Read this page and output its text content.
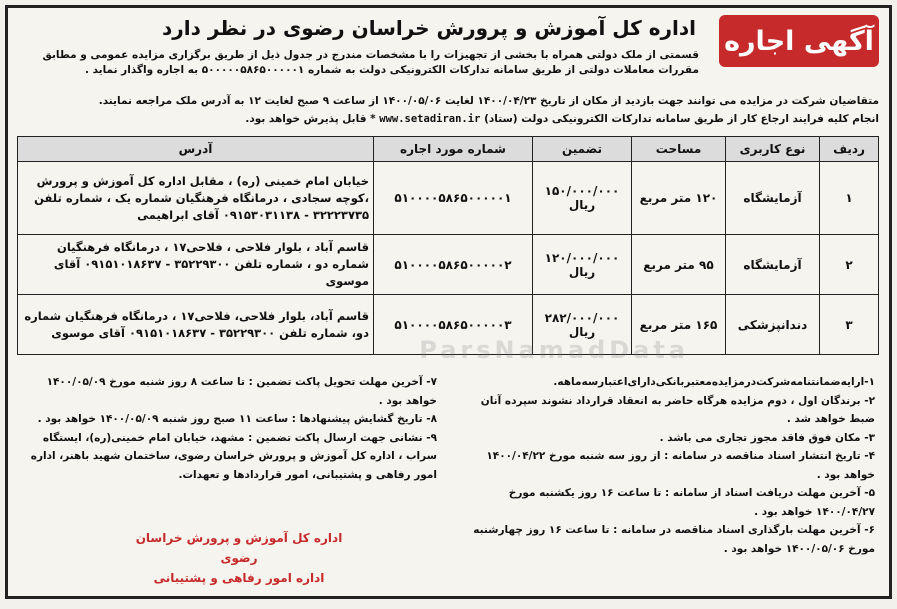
آگهی اجاره
اداره کل آموزش و پرورش خراسان رضوی در نظر دارد
قسمتی از ملک دولتی همراه با بخشی از تجهیزات را با مشخصات مندرج در جدول ذیل از طریق برگزاری مزایده عمومی و مطابق مقررات معاملات دولتی از طریق سامانه تدارکات الکترونیکی دولت به شماره ۵۰۰۰۰۰۵۸۶۵۰۰۰۰۰۱ به اجاره واگذار نماید .
متقاضیان شرکت در مزایده می توانند جهت بازدید از مکان از تاریخ ۱۴۰۰/۰۴/۲۳ لغایت ۱۴۰۰/۰۵/۰۶ از ساعت ۹ صبح لغایت ۱۲ به آدرس ملک مراجعه نمایند.
انجام کلیه فرایند ارجاع کار از طریق سامانه تدارکات الکترونیکی دولت (ستاد) www.setadiran.ir * قابل پذیرش خواهد بود.
ردیف	نوع کاربری	مساحت	تضمین	شماره مورد اجاره	آدرس
۱	آزمایشگاه	۱۲۰ متر مربع	۱۵۰/۰۰۰/۰۰۰ ریال	۵۱۰۰۰۰۵۸۶۵۰۰۰۰۰۱	خیابان امام خمینی (ره) ، مقابل اداره کل آموزش و پرورش ،کوچه سجادی ، درمانگاه فرهنگیان شماره یک ، شماره تلفن ۳۲۲۲۳۷۳۵ - ۰۹۱۵۳۰۳۱۱۳۸ آقای ابراهیمی
۲	آزمایشگاه	۹۵ متر مربع	۱۲۰/۰۰۰/۰۰۰ ریال	۵۱۰۰۰۰۵۸۶۵۰۰۰۰۰۲	قاسم آباد ، بلوار فلاحی ، فلاحی۱۷ ، درمانگاه فرهنگیان شماره دو ، شماره تلفن ۳۵۲۲۹۳۰۰ - ۰۹۱۵۱۰۱۸۶۳۷ آقای موسوی
۳	دندانپزشکی	۱۶۵ متر مربع	۲۸۲/۰۰۰/۰۰۰ ریال	۵۱۰۰۰۰۵۸۶۵۰۰۰۰۰۳	قاسم آباد، بلوار فلاحی، فلاحی۱۷ ، درمانگاه فرهنگیان شماره دو، شماره تلفن ۳۵۲۲۹۳۰۰ - ۰۹۱۵۱۰۱۸۶۳۷ آقای موسوی
ParsNamadData

۱-ارایه‌ضمانتنامه‌شرکت‌در‌مزایده‌معتبربانکی‌دارای‌اعتبارسه‌ماهه.

۲- برندگان اول ، دوم مزایده هرگاه حاضر به انعقاد قرارداد نشوند سپرده آنان ضبط خواهد شد .

۳- مکان فوق فاقد مجوز تجاری می باشد .

۴- تاریخ انتشار اسناد مناقصه در سامانه : از روز سه شنبه مورخ ۱۴۰۰/۰۴/۲۲ خواهد بود .

۵- آخرین مهلت دریافت اسناد از سامانه : تا ساعت ۱۶ روز یکشنبه مورخ ۱۴۰۰/۰۴/۲۷ خواهد بود .

۶- آخرین مهلت بارگذاری اسناد مناقصه در سامانه : تا ساعت ۱۶ روز چهارشنبه مورخ ۱۴۰۰/۰۵/۰۶ خواهد بود .

۷- آخرین مهلت تحویل پاکت تضمین : تا ساعت ۸ روز شنبه مورخ ۱۴۰۰/۰۵/۰۹ خواهد بود .

۸- تاریخ گشایش پیشنهادها : ساعت ۱۱ صبح روز شنبه ۱۴۰۰/۰۵/۰۹ خواهد بود .

۹- نشانی جهت ارسال پاکت تضمین : مشهد، خیابان امام خمینی(ره)، ایستگاه سراب ، اداره کل آموزش و پرورش خراسان رضوی، ساختمان شهید باهنر، اداره امور رفاهی و پشتیبانی، امور قراردادها و تعهدات.

اداره کل آموزش و پرورش خراسان رضوی
اداره امور رفاهی و پشتیبانی
